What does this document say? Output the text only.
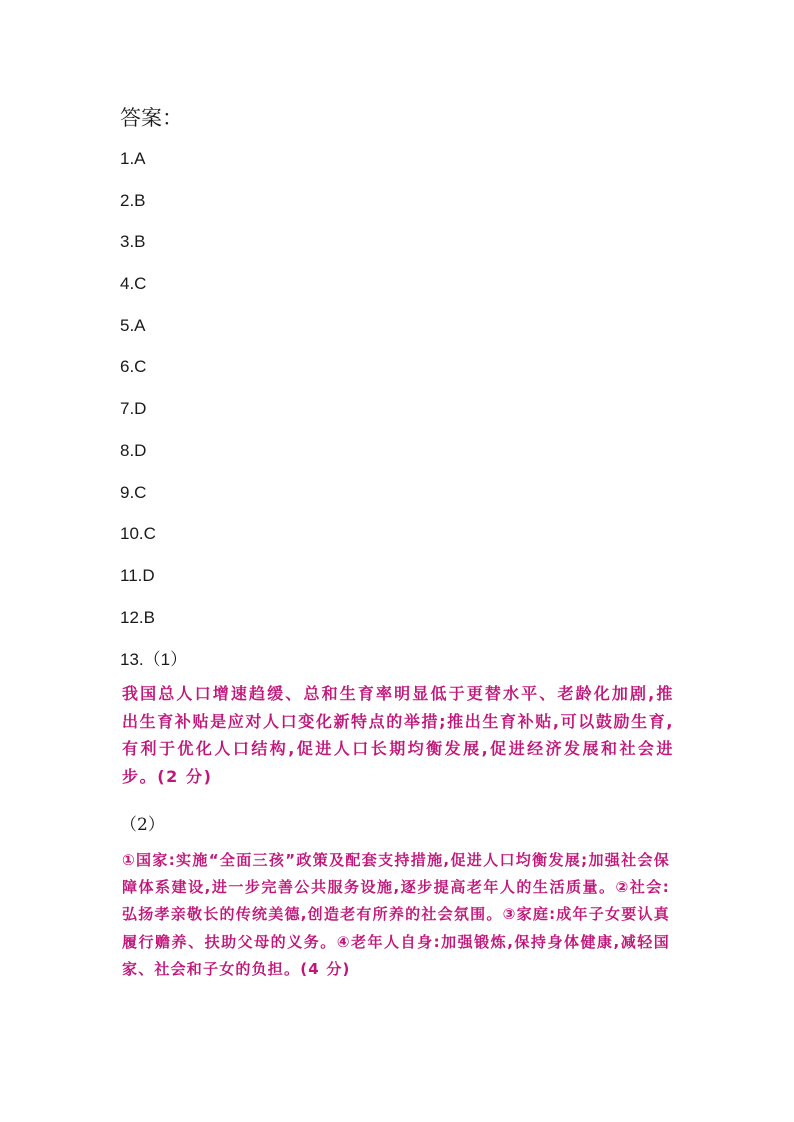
答案：
1.A
2.B
3.B
4.C
5.A
6.C
7.D
8.D
9.C
10.C
11.D
12.B
13.（1）
我国总人口增速趋缓、总和生育率明显低于更替水平、老龄化加剧,推出生育补贴是应对人口变化新特点的举措;推出生育补贴,可以鼓励生育,有利于优化人口结构,促进人口长期均衡发展,促进经济发展和社会进步。(2 分)
（2）
①国家:实施“全面三孩”政策及配套支持措施,促进人口均衡发展;加强社会保障体系建设,进一步完善公共服务设施,逐步提高老年人的生活质量。②社会:弘扬孝亲敬长的传统美德,创造老有所养的社会氛围。③家庭:成年子女要认真履行赡养、扶助父母的义务。④老年人自身:加强锻炼,保持身体健康,减轻国家、社会和子女的负担。(4 分)
